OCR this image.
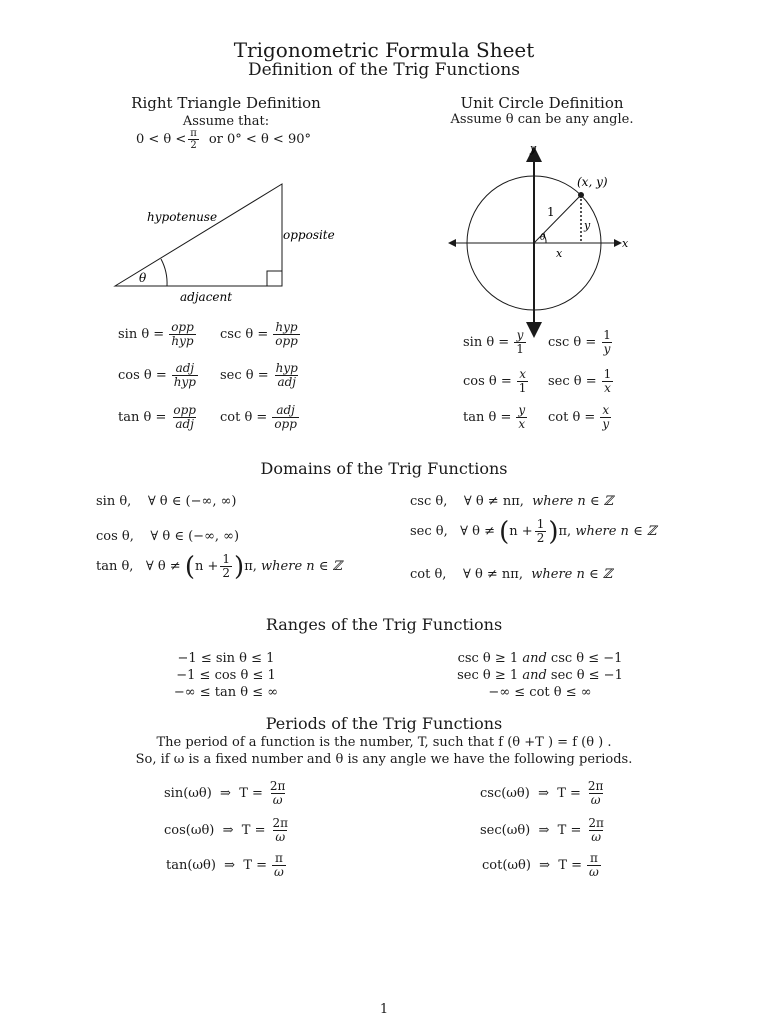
Trigonometric Formula Sheet
Definition of the Trig Functions
Right Triangle Definition
Assume that:
$0 < \theta < \frac{\pi}{2}$ or 0° < θ < 90°
θ
hypotenuse
opposite
adjacent
$\sin \theta = \frac{\text{opp}}{\text{hyp}}$ $\csc \theta = \frac{\text{hyp}}{\text{opp}}$
$\cos \theta = \frac{\text{adj}}{\text{hyp}}$ $\sec \theta = \frac{\text{hyp}}{\text{adj}}$
$\tan \theta = \frac{\text{opp}}{\text{adj}}$ $\cot \theta = \frac{\text{adj}}{\text{opp}}$
Unit Circle Definition
Assume θ can be any angle.
y
x
(x, y)
1
y
x
θ
$\sin \theta = \frac{y}{1}$ $\csc \theta = \frac{1}{y}$
$\cos \theta = \frac{x}{1}$ $\sec \theta = \frac{1}{x}$
$\tan \theta = \frac{y}{x}$ $\cot \theta = \frac{x}{y}$
Domains of the Trig Functions
sin θ, ∀ θ ∈ (−∞, ∞)
cos θ, ∀ θ ∈ (−∞, ∞)
tan θ,
∀ θ ≠
( $n + \frac{1}{2}$ ) π,
where n ∈ ℤ
csc θ, ∀ θ ≠ nπ, where n ∈ ℤ
sec θ,
∀ θ ≠
( $n + \frac{1}{2}$ ) π,
where n ∈ ℤ
cot θ, ∀ θ ≠ nπ, where n ∈ ℤ
Ranges of the Trig Functions
−1 ≤ sin θ ≤ 1
−1 ≤ cos θ ≤ 1
−∞ ≤ tan θ ≤ ∞
csc θ ≥ 1 and csc θ ≤ −1
sec θ ≥ 1 and sec θ ≤ −1
−∞ ≤ cot θ ≤ ∞
Periods of the Trig Functions
The period of a function is the number, T, such that f (θ +T ) = f (θ ) .
So, if ω is a fixed number and θ is any angle we have the following periods.
sin(ωθ)  ⇒  $T = \frac{2\pi}{\omega}$	csc(ωθ)  ⇒  $T = \frac{2\pi}{\omega}$
cos(ωθ)  ⇒  $T = \frac{2\pi}{\omega}$	sec(ωθ)  ⇒  $T = \frac{2\pi}{\omega}$
tan(ωθ)  ⇒  $T = \frac{\pi}{\omega}$	cot(ωθ)  ⇒  $T = \frac{\pi}{\omega}$
1
